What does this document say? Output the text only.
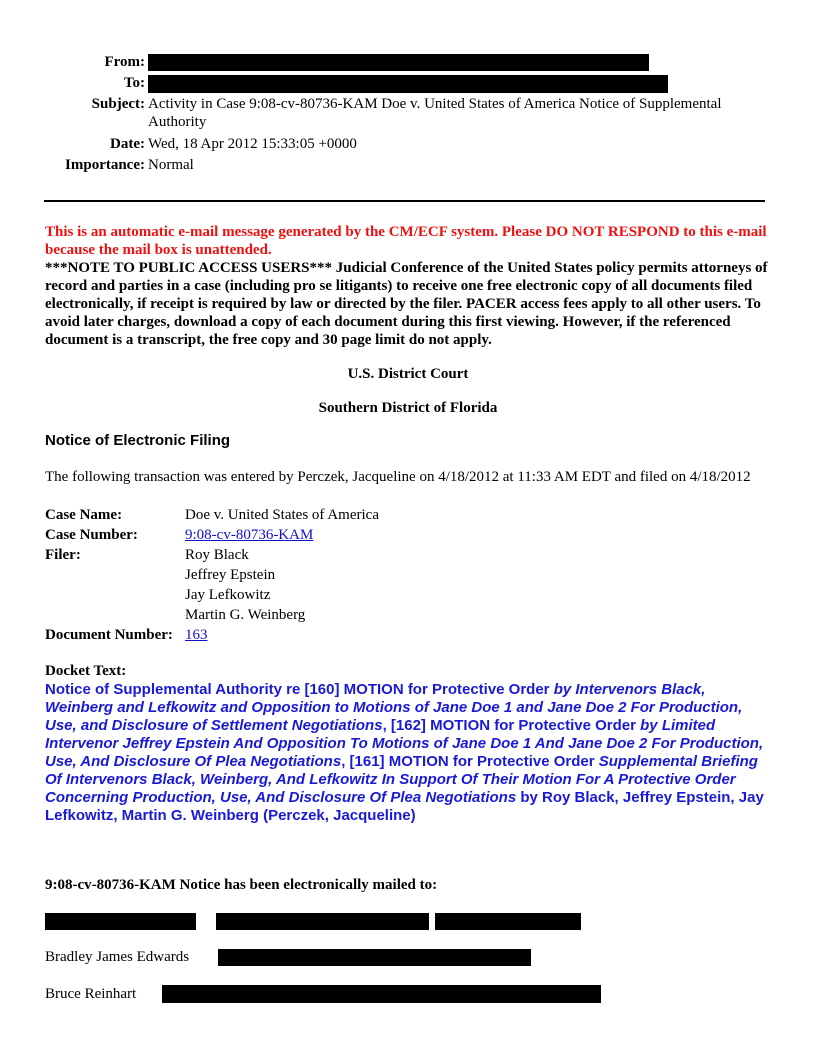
From:
To:
Subject: Activity in Case 9:08-cv-80736-KAM Doe v. United States of America Notice of Supplemental Authority
Date: Wed, 18 Apr 2012 15:33:05 +0000
Importance: Normal
This is an automatic e-mail message generated by the CM/ECF system. Please DO NOT RESPOND to this e-mail because the mail box is unattended.
***NOTE TO PUBLIC ACCESS USERS*** Judicial Conference of the United States policy permits attorneys of record and parties in a case (including pro se litigants) to receive one free electronic copy of all documents filed electronically, if receipt is required by law or directed by the filer. PACER access fees apply to all other users. To avoid later charges, download a copy of each document during this first viewing. However, if the referenced document is a transcript, the free copy and 30 page limit do not apply.
U.S. District Court
Southern District of Florida
Notice of Electronic Filing
The following transaction was entered by Perczek, Jacqueline on 4/18/2012 at 11:33 AM EDT and filed on 4/18/2012
Case Name:	Doe v. United States of America
Case Number:	9:08-cv-80736-KAM
Filer:	Roy Black
Jeffrey Epstein
Jay Lefkowitz
Martin G. Weinberg
Document Number: 163
Docket Text:
Notice of Supplemental Authority re [160] MOTION for Protective Order by Intervenors Black, Weinberg and Lefkowitz and Opposition to Motions of Jane Doe 1 and Jane Doe 2 For Production, Use, and Disclosure of Settlement Negotiations, [162] MOTION for Protective Order by Limited Intervenor Jeffrey Epstein And Opposition To Motions of Jane Doe 1 And Jane Doe 2 For Production, Use, And Disclosure Of Plea Negotiations, [161] MOTION for Protective Order Supplemental Briefing Of Intervenors Black, Weinberg, And Lefkowitz In Support Of Their Motion For A Protective Order Concerning Production, Use, And Disclosure Of Plea Negotiations by Roy Black, Jeffrey Epstein, Jay Lefkowitz, Martin G. Weinberg (Perczek, Jacqueline)
9:08-cv-80736-KAM Notice has been electronically mailed to:
Bradley James Edwards
Bruce Reinhart
